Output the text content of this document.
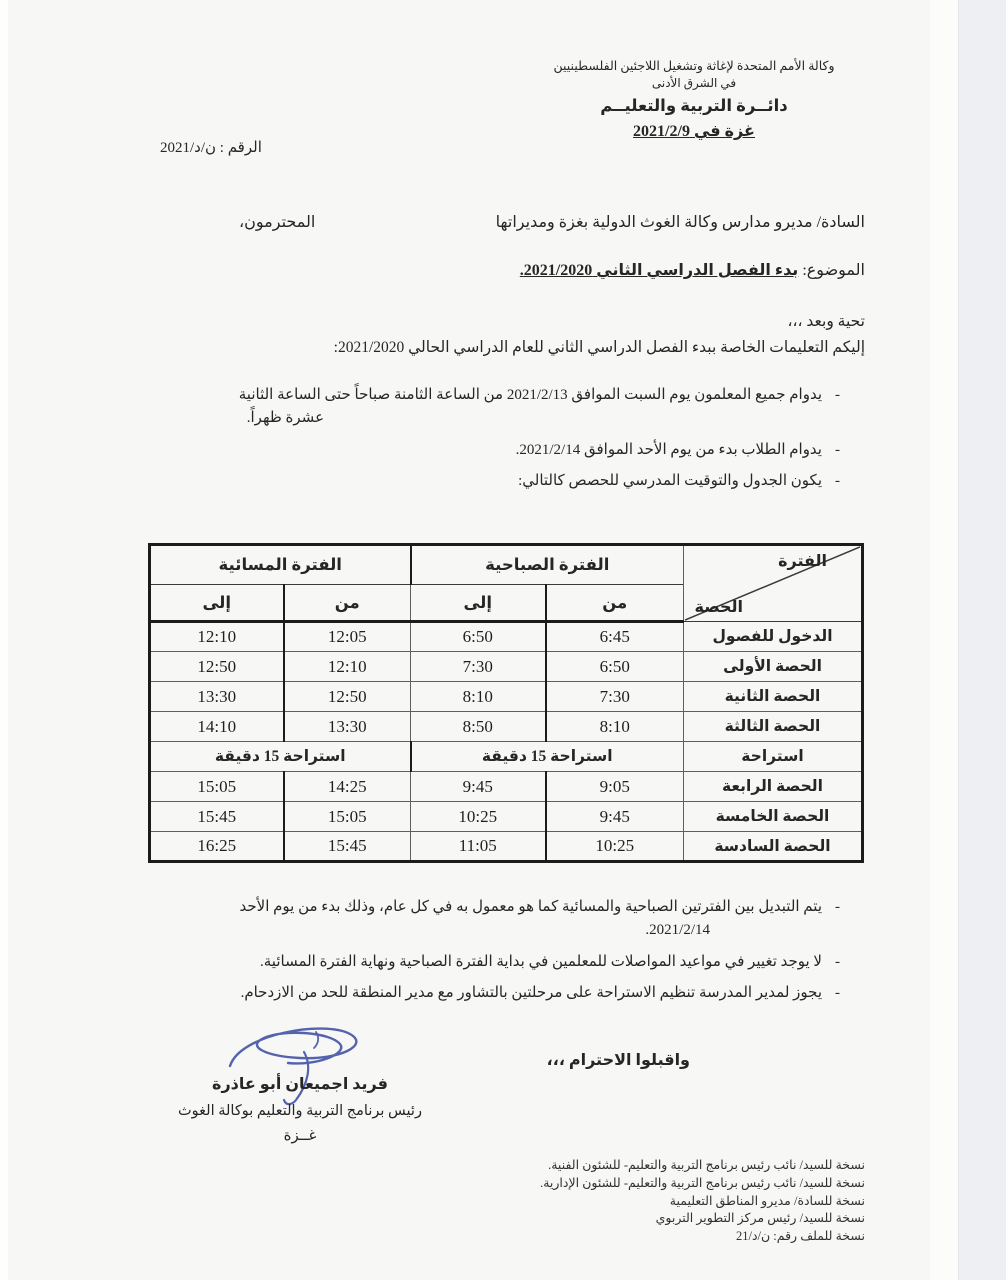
وكالة الأمم المتحدة لإغاثة وتشغيل اللاجئين الفلسطينيين
في الشرق الأدنى
دائــرة التربية والتعليــم
غزة في 2021/2/9
الرقم : ن/د/2021
السادة/ مديرو مدارس وكالة الغوث الدولية بغزة ومديراتها
المحترمون،
الموضوع: بدء الفصل الدراسي الثاني 2021/2020.
تحية وبعد ،،،
إليكم التعليمات الخاصة ببدء الفصل الدراسي الثاني للعام الدراسي الحالي 2021/2020:
-
يدوام جميع المعلمون يوم السبت الموافق 2021/2/13 من الساعة الثامنة صباحاً حتى الساعة الثانية
عشرة ظهراً.
-
يدوام الطلاب بدء من يوم الأحد الموافق 2021/2/14.
-
يكون الجدول والتوقيت المدرسي للحصص كالتالي:
الفترة
الحصة	الفترة الصباحية		الفترة المسائية	
	من	إلى	من	إلى
الدخول للفصول	6:45	6:50	12:05	12:10
الحصة الأولى	6:50	7:30	12:10	12:50
الحصة الثانية	7:30	8:10	12:50	13:30
الحصة الثالثة	8:10	8:50	13:30	14:10
استراحة	استراحة 15 دقيقة		استراحة 15 دقيقة	
الحصة الرابعة	9:05	9:45	14:25	15:05
الحصة الخامسة	9:45	10:25	15:05	15:45
الحصة السادسة	10:25	11:05	15:45	16:25
-
يتم التبديل بين الفترتين الصباحية والمسائية كما هو معمول به في كل عام، وذلك بدء من يوم الأحد
2021/2/14.
-
لا يوجد تغيير في مواعيد المواصلات للمعلمين في بداية الفترة الصباحية ونهاية الفترة المسائية.
-
يجوز لمدير المدرسة تنظيم الاستراحة على مرحلتين بالتشاور مع مدير المنطقة للحد من الازدحام.
واقبلوا الاحترام ،،،
فريد اجميعان أبو عاذرة
رئيس برنامج التربية والتعليم بوكالة الغوث
غــزة
نسخة للسيد/ نائب رئيس برنامج التربية والتعليم- للشئون الفنية.
نسخة للسيد/ نائب رئيس برنامج التربية والتعليم- للشئون الإدارية.
نسخة للسادة/ مديرو المناطق التعليمية
نسخة للسيد/ رئيس مركز التطوير التربوي
نسخة للملف رقم: ن/د/21
